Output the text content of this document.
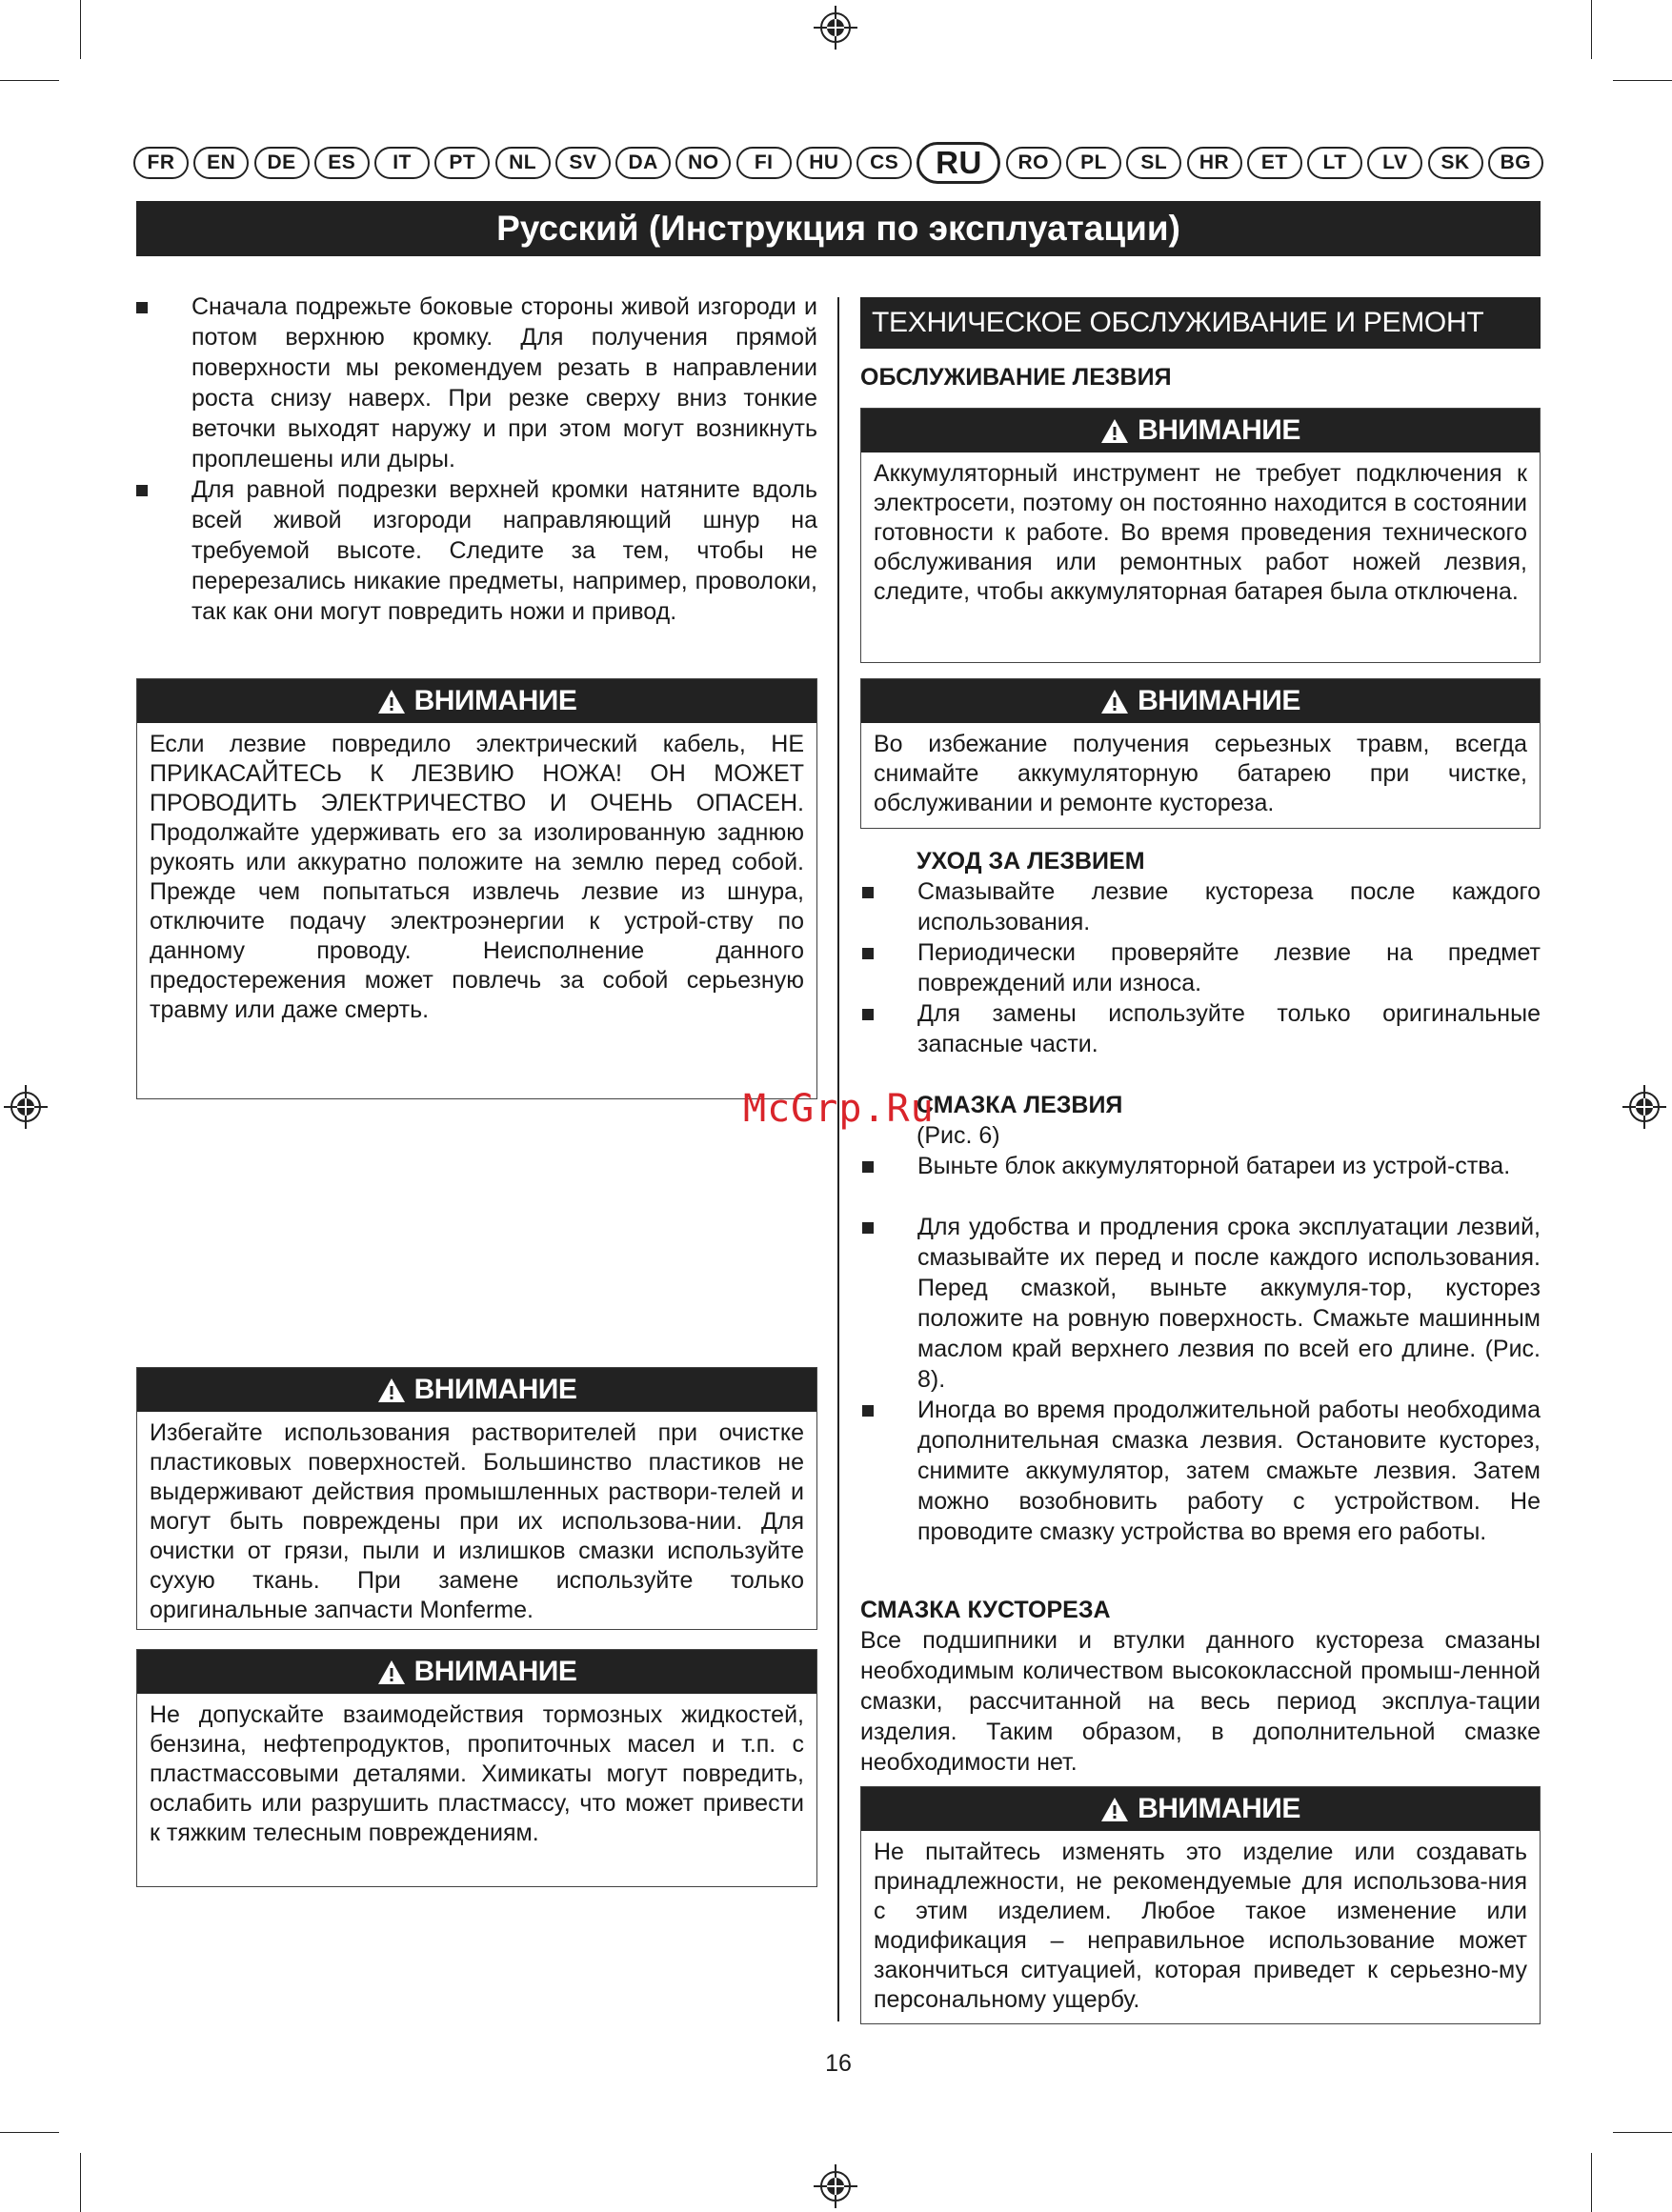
FR	EN	DE	ES	IT	PT	NL	SV	DA	NO	FI	HU	CS	RU	RO	PL	SL	HR	ET	LT	LV	SK	BG
Русский (Инструкция по эксплуатации)
Сначала подрежьте боковые стороны живой изгороди и потом верхнюю кромку. Для получения прямой поверхности мы рекомендуем резать в направлении роста снизу наверх. При резке сверху вниз тонкие веточки выходят наружу и при этом могут возникнуть проплешены или дыры.
Для равной подрезки верхней кромки натяните вдоль всей живой изгороди направляющий шнур на требуемой высоте. Следите за тем, чтобы не перерезались никакие предметы, например, проволоки, так как они могут повредить ножи и привод.
ВНИМАНИЕ
Если лезвие повредило электрический кабель, НЕ ПРИКАСАЙТЕСЬ К ЛЕЗВИЮ НОЖА! ОН МОЖЕТ ПРОВОДИТЬ ЭЛЕКТРИЧЕСТВО И ОЧЕНЬ ОПАСЕН. Продолжайте удерживать его за изолированную заднюю рукоять или аккуратно положите на землю перед собой. Прежде чем попытаться извлечь лезвие из шнура, отключите подачу электроэнергии к устрой-ству по данному проводу. Неисполнение данного предостережения может повлечь за собой серьезную травму или даже смерть.
ВНИМАНИЕ
Избегайте использования растворителей при очистке пластиковых поверхностей. Большинство пластиков не выдерживают действия промышленных раствори-телей и могут быть повреждены при их использова-нии. Для очистки от грязи, пыли и излишков смазки используйте сухую ткань. При замене используйте только оригинальные запчасти Monferme.
ВНИМАНИЕ
Не допускайте взаимодействия тормозных жидкостей, бензина, нефтепродуктов, пропиточных масел и т.п. с пластмассовыми деталями. Химикаты могут повредить, ослабить или разрушить пластмассу, что может привести к тяжким телесным повреждениям.
ТЕХНИЧЕСКОЕ ОБСЛУЖИВАНИЕ И РЕМОНТ
ОБСЛУЖИВАНИЕ ЛЕЗВИЯ
ВНИМАНИЕ
Аккумуляторный инструмент не требует подключения к электросети, поэтому он постоянно находится в состоянии готовности к работе. Во время проведения технического обслуживания или ремонтных работ ножей лезвия, следите, чтобы аккумуляторная батарея была отключена.
ВНИМАНИЕ
Во избежание получения серьезных травм, всегда снимайте аккумуляторную батарею при чистке, обслуживании и ремонте кустореза.
УХОД ЗА ЛЕЗВИЕМ
Смазывайте лезвие кустореза после каждого использования.
Периодически проверяйте лезвие на предмет повреждений или износа.
Для замены используйте только оригинальные запасные части.
СМАЗКА ЛЕЗВИЯ
(Рис. 6)
Выньте блок аккумуляторной батареи из устрой-ства.
Для удобства и продления срока эксплуатации лезвий, смазывайте их перед и после каждого использования. Перед смазкой, выньте аккумуля-тор, кусторез положите на ровную поверхность. Смажьте машинным маслом край верхнего лезвия по всей его длине. (Рис. 8).
Иногда во время продолжительной работы необходима дополнительная смазка лезвия. Остановите кусторез, снимите аккумулятор, затем смажьте лезвия. Затем можно возобновить работу с устройством. Не проводите смазку устройства во время его работы.
СМАЗКА КУСТОРЕЗА
Все подшипники и втулки данного кустореза смазаны необходимым количеством высококлассной промыш-ленной смазки, рассчитанной на весь период эксплуа-тации изделия. Таким образом, в дополнительной смазке необходимости нет.
ВНИМАНИЕ
Не пытайтесь изменять это изделие или создавать принадлежности, не рекомендуемые для использова-ния с этим изделием. Любое такое изменение или модификация – неправильное использование может закончиться ситуацией, которая приведет к серьезно-му персональному ущербу.
McGrp.Ru
16
